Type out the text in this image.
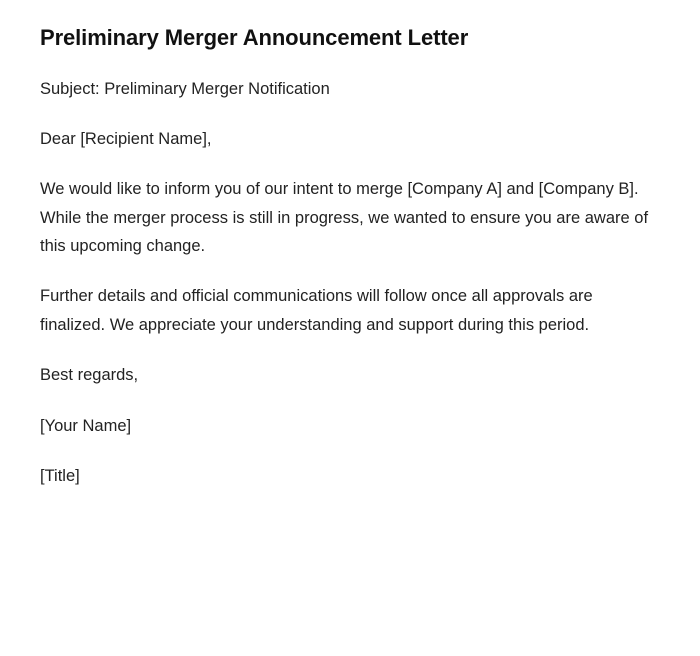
Preliminary Merger Announcement Letter

Subject: Preliminary Merger Notification

Dear [Recipient Name],

We would like to inform you of our intent to merge [Company A] and [Company B]. While the merger process is still in progress, we wanted to ensure you are aware of this upcoming change.

Further details and official communications will follow once all approvals are finalized. We appreciate your understanding and support during this period.

Best regards,

[Your Name]

[Title]
